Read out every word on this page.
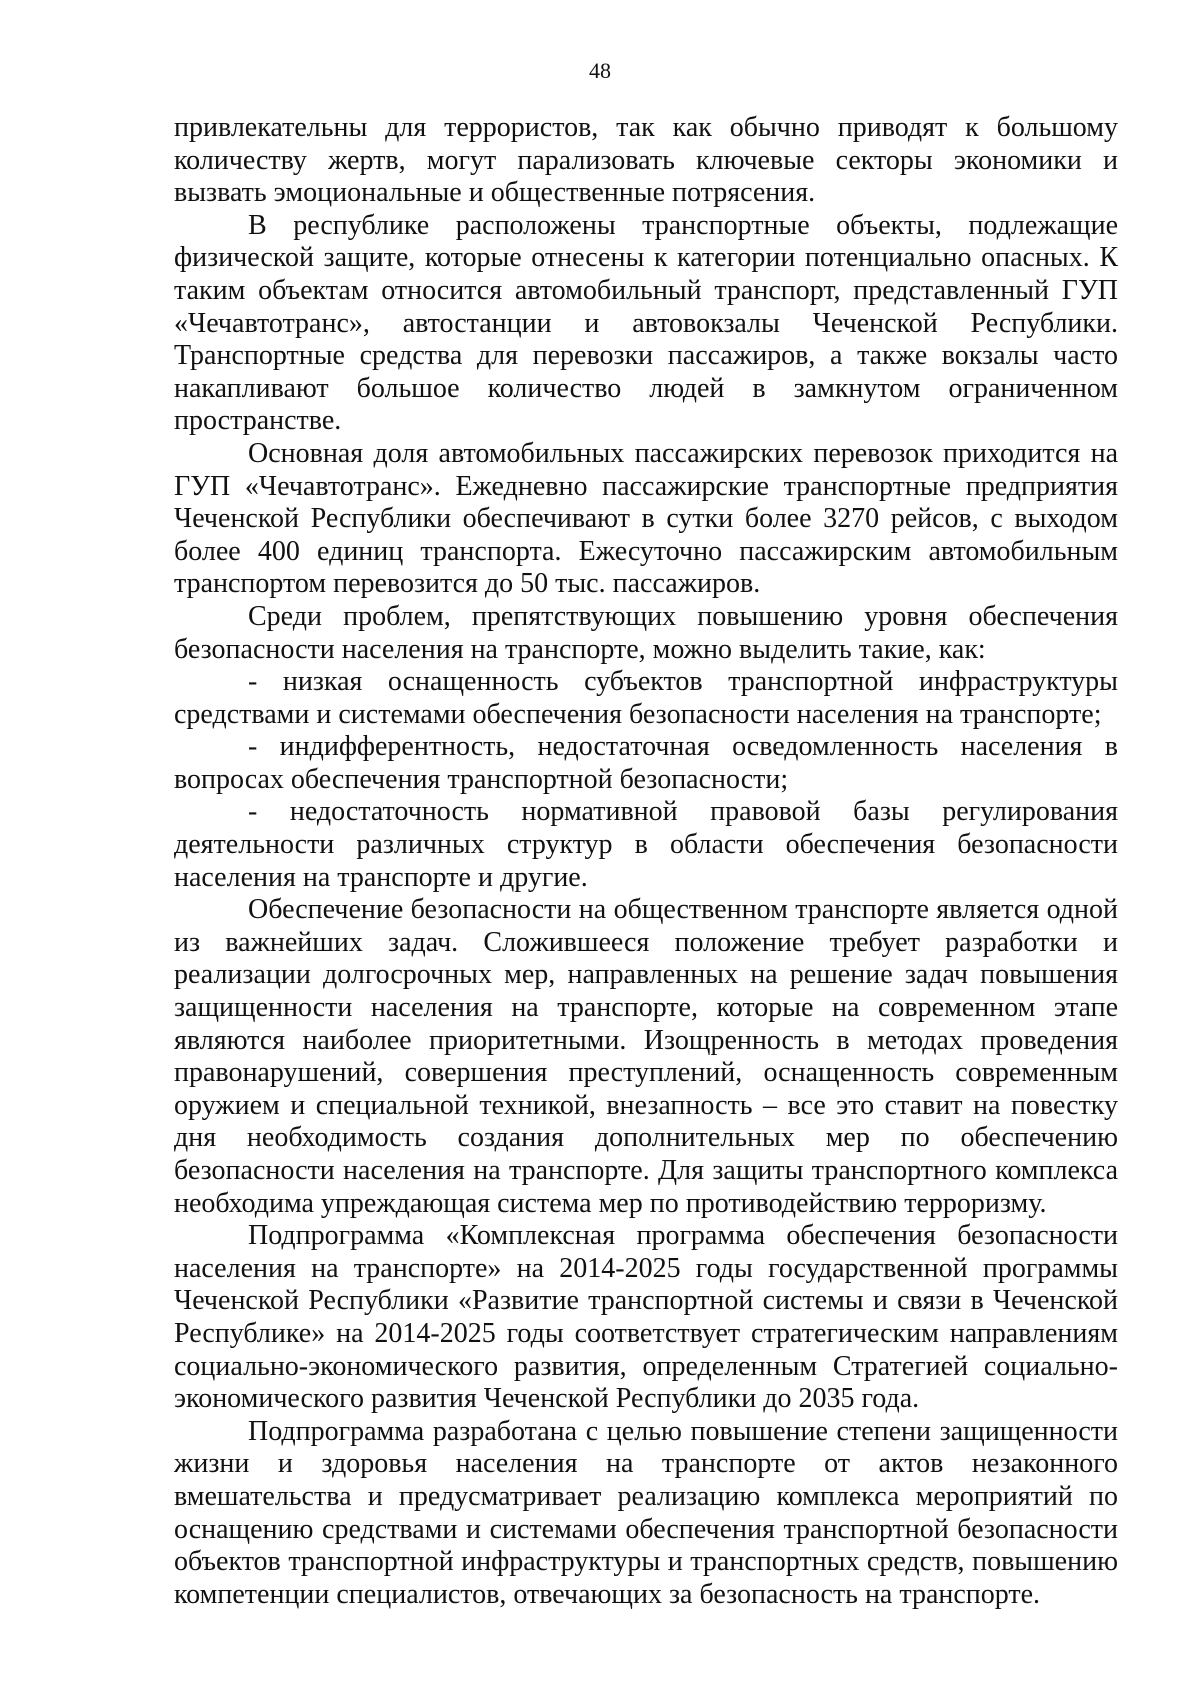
48

привлекательны для террористов, так как обычно приводят к большому количеству жертв, могут парализовать ключевые секторы экономики и вызвать эмоциональные и общественные потрясения.

В республике расположены транспортные объекты, подлежащие физической защите, которые отнесены к категории потенциально опасных. К таким объектам относится автомобильный транспорт, представленный ГУП «Чечавтотранс», автостанции и автовокзалы Чеченской Республики. Транспортные средства для перевозки пассажиров, а также вокзалы часто накапливают большое количество людей в замкнутом ограниченном пространстве.

Основная доля автомобильных пассажирских перевозок приходится на ГУП «Чечавтотранс». Ежедневно пассажирские транспортные предприятия Чеченской Республики обеспечивают в сутки более 3270 рейсов, с выходом более 400 единиц транспорта. Ежесуточно пассажирским автомобильным транспортом перевозится до 50 тыс. пассажиров.

Среди проблем, препятствующих повышению уровня обеспечения безопасности населения на транспорте, можно выделить такие, как:

- низкая оснащенность субъектов транспортной инфраструктуры средствами и системами обеспечения безопасности населения на транспорте;

- индифферентность, недостаточная осведомленность населения в вопросах обеспечения транспортной безопасности;

- недостаточность нормативной правовой базы регулирования деятельности различных структур в области обеспечения безопасности населения на транспорте и другие.

Обеспечение безопасности на общественном транспорте является одной из важнейших задач. Сложившееся положение требует разработки и реализации долгосрочных мер, направленных на решение задач повышения защищенности населения на транспорте, которые на современном этапе являются наиболее приоритетными. Изощренность в методах проведения правонарушений, совершения преступлений, оснащенность современным оружием и специальной техникой, внезапность – все это ставит на повестку дня необходимость создания дополнительных мер по обеспечению безопасности населения на транспорте. Для защиты транспортного комплекса необходима упреждающая система мер по противодействию терроризму.

Подпрограмма «Комплексная программа обеспечения безопасности населения на транспорте» на 2014-2025 годы государственной программы Чеченской Республики «Развитие транспортной системы и связи в Чеченской Республике» на 2014-2025 годы соответствует стратегическим направлениям социально-экономического развития, определенным Стратегией социально-экономического развития Чеченской Республики до 2035 года.

Подпрограмма разработана с целью повышение степени защищенности жизни и здоровья населения на транспорте от актов незаконного вмешательства и предусматривает реализацию комплекса мероприятий по оснащению средствами и системами обеспечения транспортной безопасности объектов транспортной инфраструктуры и транспортных средств, повышению компетенции специалистов, отвечающих за безопасность на транспорте.
